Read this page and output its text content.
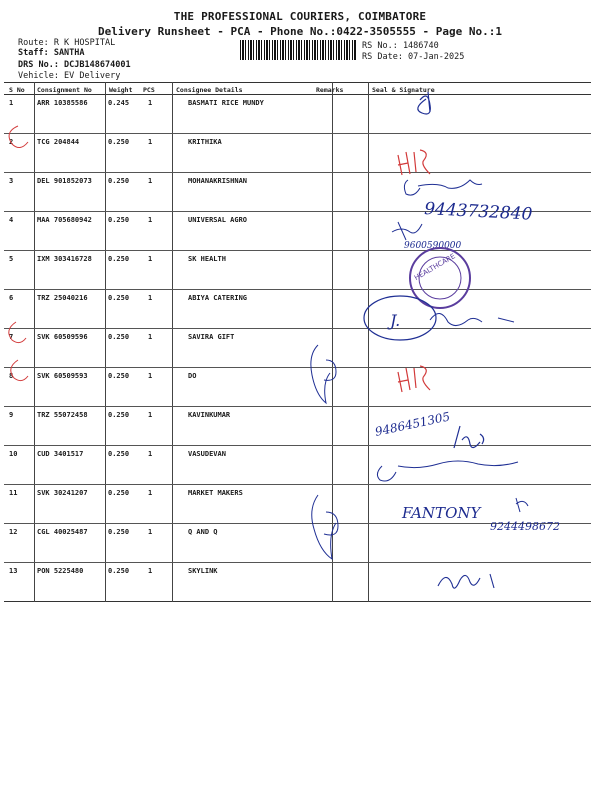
THE PROFESSIONAL COURIERS, COIMBATORE
Delivery Runsheet - PCA - Phone No.:0422-3505555 - Page No.:1
Route: R K HOSPITAL
Staff: SANTHA
DRS No.: DCJB148674001
Vehicle: EV Delivery
RS No.: 1486740
RS Date: 07-Jan-2025
S No Consignment No	Weight PCS	Consignee Details	Remarks	Seal & Signature
1	ARR 10385586	0.245	1	BASMATI RICE MUNDY
2	TCG 204844	0.250	1	KRITHIKA
3	DEL 901852073 0.250	1	MOHANAKRISHNAN
4	MAA 705680942 0.250	1	UNIVERSAL AGRO
5	IXM 303416728 0.250	1	SK HEALTH
6	TRZ 25040216	0.250	1	ABIYA CATERING
7	SVK 60509596	0.250	1	SAVIRA GIFT
8	SVK 60509593	0.250	1	DO
9	TRZ 55072458	0.250	1	KAVINKUMAR
10	CUD 3401517	0.250	1	VASUDEVAN
11	SVK 30241207	0.250	1	MARKET MAKERS
12	CGL 40025487	0.250	1	Q AND Q
13	PON 5225480	0.250	1	SKYLINK
9443732840
9600590000
HEALTHCARE
J.
9486451305
FANTONY
9244498672
